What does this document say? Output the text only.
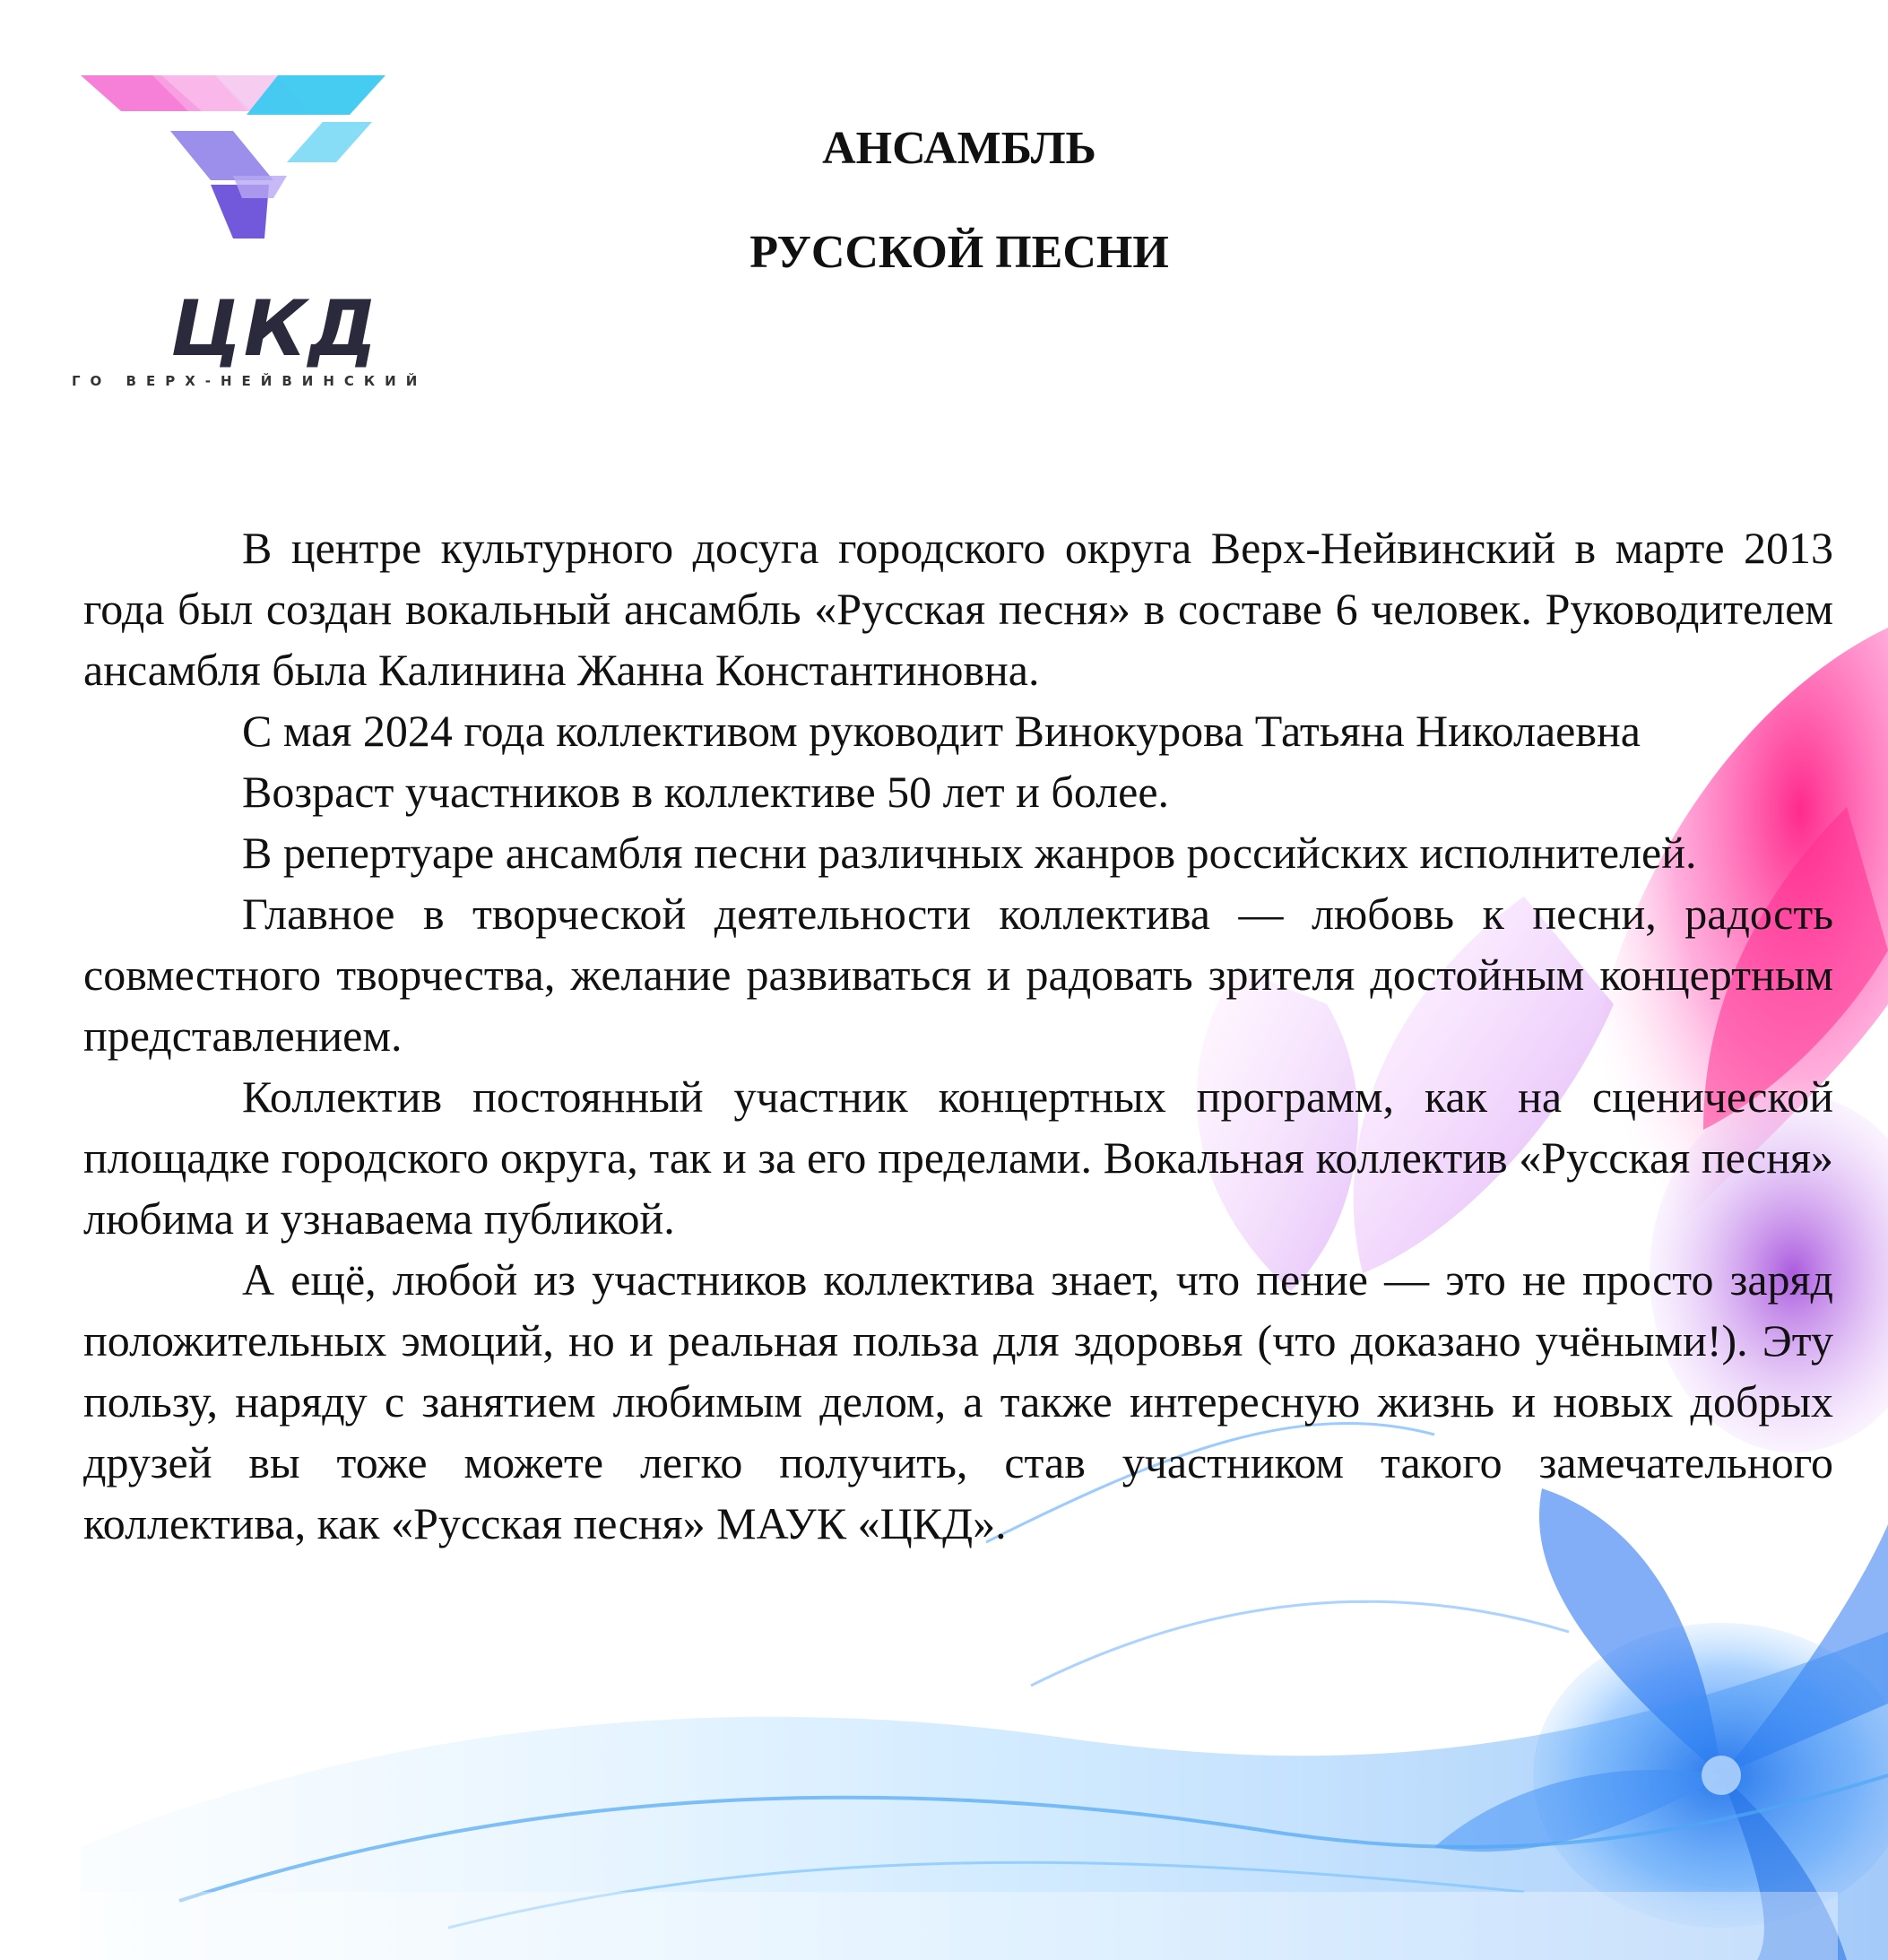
ЦКД
ГО ВЕРХ-НЕЙВИНСКИЙ
АНСАМБЛЬ
РУССКОЙ ПЕСНИ

В центре культурного досуга городского округа Верх-Нейвинский в марте 2013 года был создан вокальный ансамбль «Русская песня» в составе 6 человек. Руководителем ансамбля была Калинина Жанна Константиновна.

С мая 2024 года коллективом руководит Винокурова Татьяна Николаевна

Возраст участников в коллективе 50 лет и более.

В репертуаре ансамбля песни различных жанров российских исполнителей.

Главное в творческой деятельности коллектива — любовь к песни, радость совместного творчества, желание развиваться и радовать зрителя достойным концертным представлением.

Коллектив постоянный участник концертных программ, как на сценической площадке городского округа, так и за его пределами. Вокальная коллектив «Русская песня» любима и узнаваема публикой.

А ещё, любой из участников коллектива знает, что пение — это не просто заряд положительных эмоций, но и реальная польза для здоровья (что доказано учёными!). Эту пользу, наряду с занятием любимым делом, а также интересную жизнь и новых добрых друзей вы тоже можете легко получить, став участником такого замечательного коллектива, как «Русская песня» МАУК «ЦКД».
